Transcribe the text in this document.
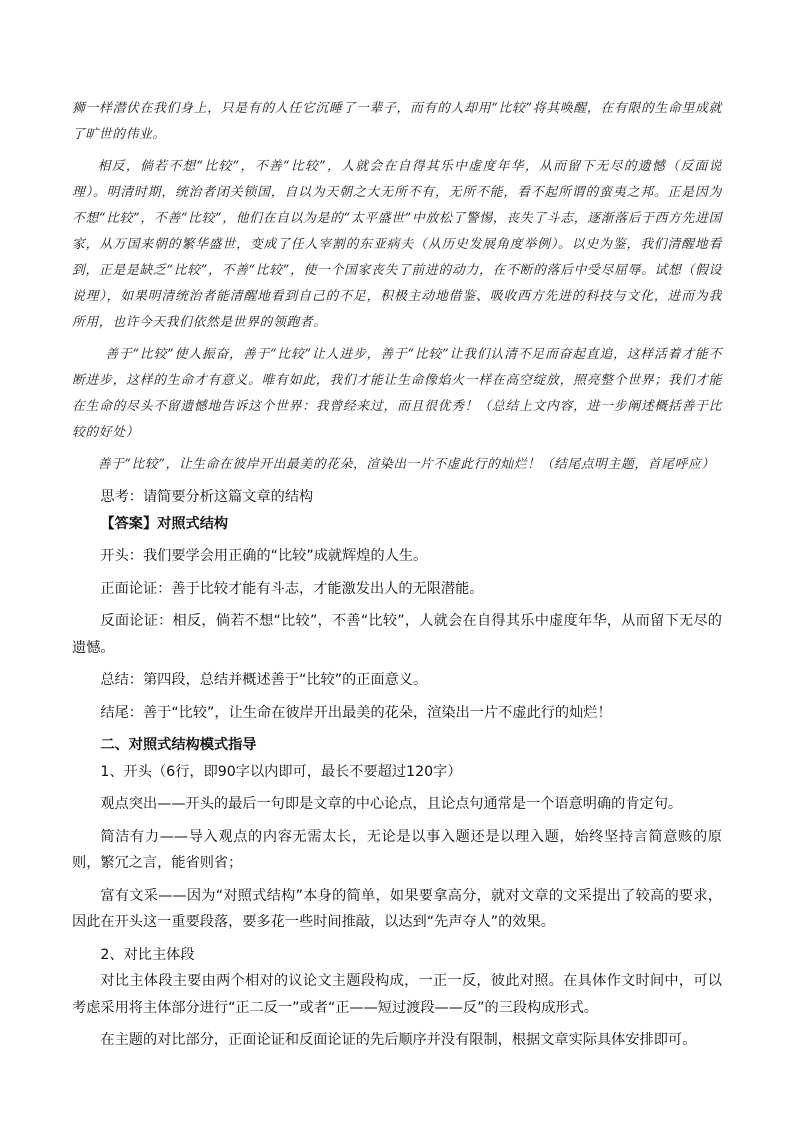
狮一样潜伏在我们身上，只是有的人任它沉睡了一辈子，而有的人却用“比较”将其唤醒，在有限的生命里成就了旷世的伟业。

相反，倘若不想“比较”，不善“比较”，人就会在自得其乐中虚度年华，从而留下无尽的遗憾（反面说理）。明清时期，统治者闭关锁国，自以为天朝之大无所不有，无所不能，看不起所谓的蛮夷之邦。正是因为不想“比较”，不善“比较”，他们在自以为是的“太平盛世”中放松了警惕，丧失了斗志，逐渐落后于西方先进国家，从万国来朝的繁华盛世，变成了任人宰割的东亚病夫（从历史发展角度举例）。以史为鉴，我们清醒地看到，正是是缺乏“比较”，不善“比较”，使一个国家丧失了前进的动力，在不断的落后中受尽屈辱。试想（假设说理），如果明清统治者能清醒地看到自己的不足，积极主动地借鉴、吸收西方先进的科技与文化，进而为我所用，也许今天我们依然是世界的领跑者。

善于“比较”使人振奋，善于“比较”让人进步，善于“比较”让我们认清不足而奋起直追，这样活着才能不断进步，这样的生命才有意义。唯有如此，我们才能让生命像焰火一样在高空绽放，照亮整个世界；我们才能在生命的尽头不留遗憾地告诉这个世界：我曾经来过，而且很优秀！（总结上文内容，进一步阐述概括善于比较的好处）

善于“比较”，让生命在彼岸开出最美的花朵，渲染出一片不虚此行的灿烂！（结尾点明主题，首尾呼应）

思考：请简要分析这篇文章的结构

【答案】对照式结构

开头：我们要学会用正确的“比较”成就辉煌的人生。

正面论证：善于比较才能有斗志，才能激发出人的无限潜能。

反面论证：相反，倘若不想“比较”，不善“比较”，人就会在自得其乐中虚度年华，从而留下无尽的遗憾。

总结：第四段，总结并概述善于“比较”的正面意义。

结尾：善于“比较”，让生命在彼岸开出最美的花朵，渲染出一片不虚此行的灿烂！

二、对照式结构模式指导

1、开头（6行，即90字以内即可，最长不要超过120字）

观点突出——开头的最后一句即是文章的中心论点，且论点句通常是一个语意明确的肯定句。

简洁有力——导入观点的内容无需太长，无论是以事入题还是以理入题，始终坚持言简意赅的原则，繁冗之言，能省则省；

富有文采——因为“对照式结构”本身的简单，如果要拿高分，就对文章的文采提出了较高的要求，因此在开头这一重要段落，要多花一些时间推敲，以达到“先声夺人”的效果。

2、对比主体段

对比主体段主要由两个相对的议论文主题段构成，一正一反，彼此对照。在具体作文时间中，可以考虑采用将主体部分进行“正二反一”或者“正——短过渡段——反”的三段构成形式。

在主题的对比部分，正面论证和反面论证的先后顺序并没有限制，根据文章实际具体安排即可。
